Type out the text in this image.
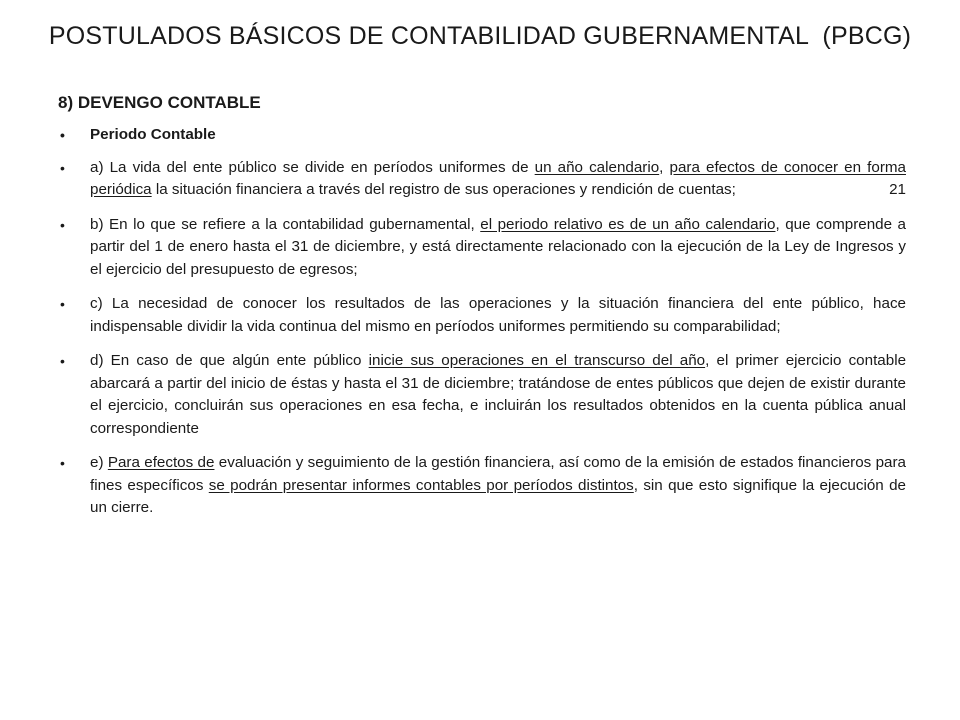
POSTULADOS BÁSICOS DE CONTABILIDAD GUBERNAMENTAL  (PBCG)
8) DEVENGO CONTABLE
• Periodo Contable
• a) La vida del ente público se divide en períodos uniformes de un año calendario, para efectos de conocer en forma periódica la situación financiera a través del registro de sus operaciones y rendición de cuentas;	21
• b) En lo que se refiere a la contabilidad gubernamental, el periodo relativo es de un año calendario, que comprende a partir del 1 de enero hasta el 31 de diciembre, y está directamente relacionado con la ejecución de la Ley de Ingresos y el ejercicio del presupuesto de egresos;
• c) La necesidad de conocer los resultados de las operaciones y la situación financiera del ente público, hace indispensable dividir la vida continua del mismo en períodos uniformes permitiendo su comparabilidad;
• d) En caso de que algún ente público inicie sus operaciones en el transcurso del año, el primer ejercicio contable abarcará a partir del inicio de éstas y hasta el 31 de diciembre; tratándose de entes públicos que dejen de existir durante el ejercicio, concluirán sus operaciones en esa fecha, e incluirán los resultados obtenidos en la cuenta pública anual correspondiente
• e) Para efectos de evaluación y seguimiento de la gestión financiera, así como de la emisión de estados financieros para fines específicos se podrán presentar informes contables por períodos distintos, sin que esto signifique la ejecución de un cierre.
